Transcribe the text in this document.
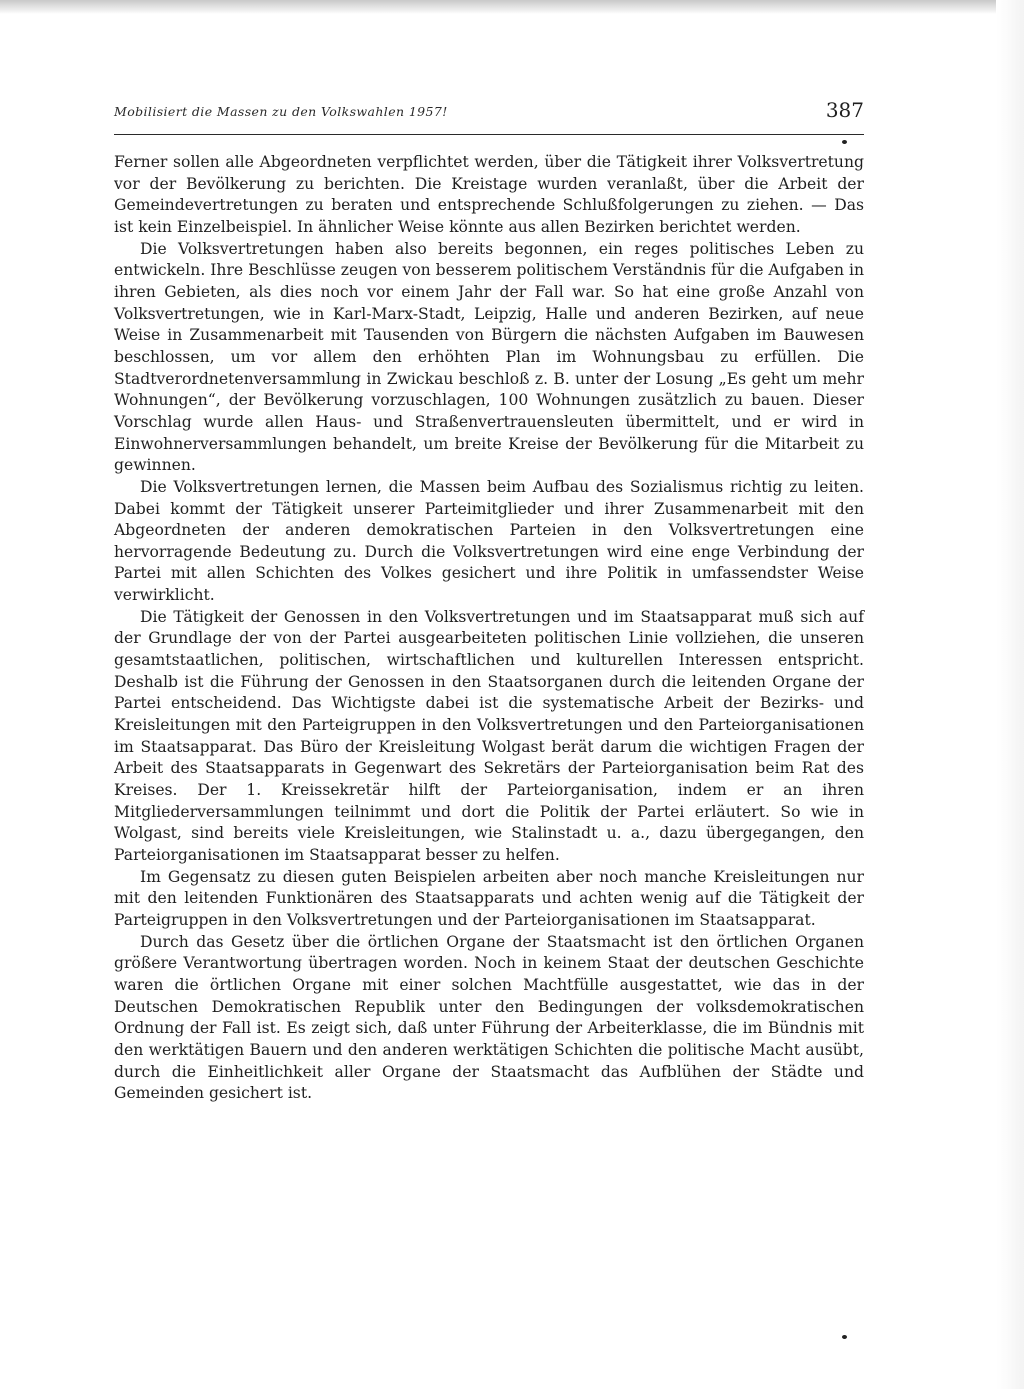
Mobilisiert die Massen zu den Volkswahlen 1957!	387

Ferner sollen alle Abgeordneten verpflichtet werden, über die Tätigkeit ihrer Volksvertretung vor der Bevölkerung zu berichten. Die Kreistage wurden veranlaßt, über die Arbeit der Gemeindevertretungen zu beraten und entsprechende Schlußfolgerungen zu ziehen. — Das ist kein Einzelbeispiel. In ähnlicher Weise könnte aus allen Bezirken berichtet werden.

Die Volksvertretungen haben also bereits begonnen, ein reges politisches Leben zu entwickeln. Ihre Beschlüsse zeugen von besserem politischem Verständnis für die Aufgaben in ihren Gebieten, als dies noch vor einem Jahr der Fall war. So hat eine große Anzahl von Volksvertretungen, wie in Karl-Marx-Stadt, Leipzig, Halle und anderen Bezirken, auf neue Weise in Zusammenarbeit mit Tausenden von Bürgern die nächsten Aufgaben im Bauwesen beschlossen, um vor allem den erhöhten Plan im Wohnungsbau zu erfüllen. Die Stadtverordnetenversammlung in Zwickau beschloß z. B. unter der Losung „Es geht um mehr Wohnungen“, der Bevölkerung vorzuschlagen, 100 Wohnungen zusätzlich zu bauen. Dieser Vorschlag wurde allen Haus- und Straßenvertrauensleuten übermittelt, und er wird in Einwohnerversammlungen behandelt, um breite Kreise der Bevölkerung für die Mitarbeit zu gewinnen.

Die Volksvertretungen lernen, die Massen beim Aufbau des Sozialismus richtig zu leiten. Dabei kommt der Tätigkeit unserer Parteimitglieder und ihrer Zusammenarbeit mit den Abgeordneten der anderen demokratischen Parteien in den Volksvertretungen eine hervorragende Bedeutung zu. Durch die Volksvertretungen wird eine enge Verbindung der Partei mit allen Schichten des Volkes gesichert und ihre Politik in umfassendster Weise verwirklicht.

Die Tätigkeit der Genossen in den Volksvertretungen und im Staatsapparat muß sich auf der Grundlage der von der Partei ausgearbeiteten politischen Linie vollziehen, die unseren gesamtstaatlichen, politischen, wirtschaftlichen und kulturellen Interessen entspricht. Deshalb ist die Führung der Genossen in den Staatsorganen durch die leitenden Organe der Partei entscheidend. Das Wichtigste dabei ist die systematische Arbeit der Bezirks- und Kreisleitungen mit den Parteigruppen in den Volksvertretungen und den Parteiorganisationen im Staatsapparat. Das Büro der Kreisleitung Wolgast berät darum die wichtigen Fragen der Arbeit des Staatsapparats in Gegenwart des Sekretärs der Parteiorganisation beim Rat des Kreises. Der 1. Kreissekretär hilft der Parteiorganisation, indem er an ihren Mitgliederversammlungen teilnimmt und dort die Politik der Partei erläutert. So wie in Wolgast, sind bereits viele Kreisleitungen, wie Stalinstadt u. a., dazu übergegangen, den Parteiorganisationen im Staatsapparat besser zu helfen.

Im Gegensatz zu diesen guten Beispielen arbeiten aber noch manche Kreisleitungen nur mit den leitenden Funktionären des Staatsapparats und achten wenig auf die Tätigkeit der Parteigruppen in den Volksvertretungen und der Parteiorganisationen im Staatsapparat.

Durch das Gesetz über die örtlichen Organe der Staatsmacht ist den örtlichen Organen größere Verantwortung übertragen worden. Noch in keinem Staat der deutschen Geschichte waren die örtlichen Organe mit einer solchen Machtfülle ausgestattet, wie das in der Deutschen Demokratischen Republik unter den Bedingungen der volksdemokratischen Ordnung der Fall ist. Es zeigt sich, daß unter Führung der Arbeiterklasse, die im Bündnis mit den werktätigen Bauern und den anderen werktätigen Schichten die politische Macht ausübt, durch die Einheitlichkeit aller Organe der Staatsmacht das Aufblühen der Städte und Gemeinden gesichert ist.
